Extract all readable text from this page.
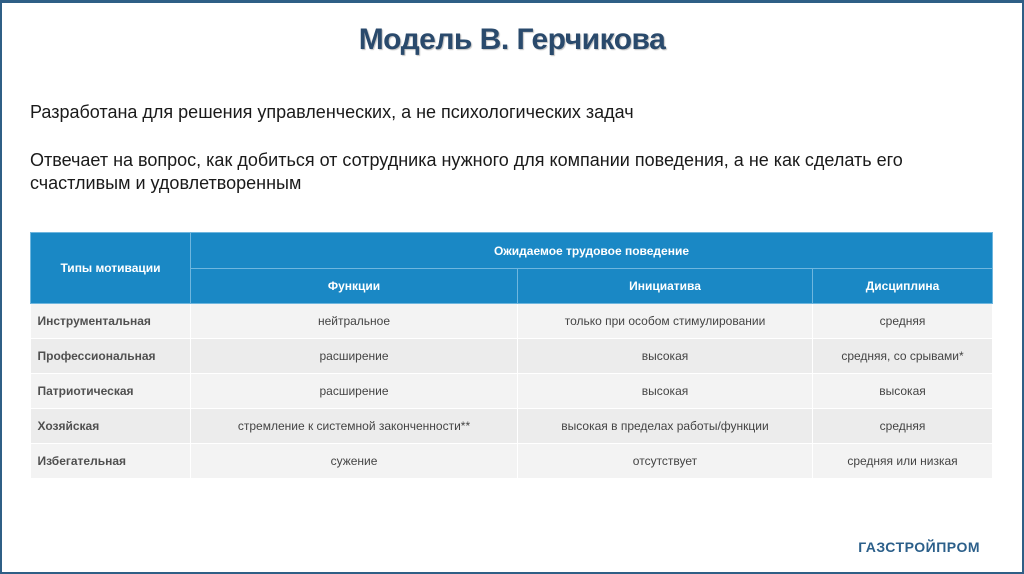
Модель В. Герчикова
Разработана для решения управленческих, а не психологических задач
Отвечает на вопрос, как добиться от сотрудника нужного для компании поведения, а не как сделать его счастливым и удовлетворенным
Типы мотивации	Ожидаемое трудовое поведение		
	Функции	Инициатива	Дисциплина
Инструментальная	нейтральное	только при особом стимулировании	средняя
Профессиональная	расширение	высокая	средняя, со срывами*
Патриотическая	расширение	высокая	высокая
Хозяйская	стремление к системной законченности**	высокая в пределах работы/функции	средняя
Избегательная	сужение	отсутствует	средняя или низкая
ГАЗСТРОЙПРОМ
